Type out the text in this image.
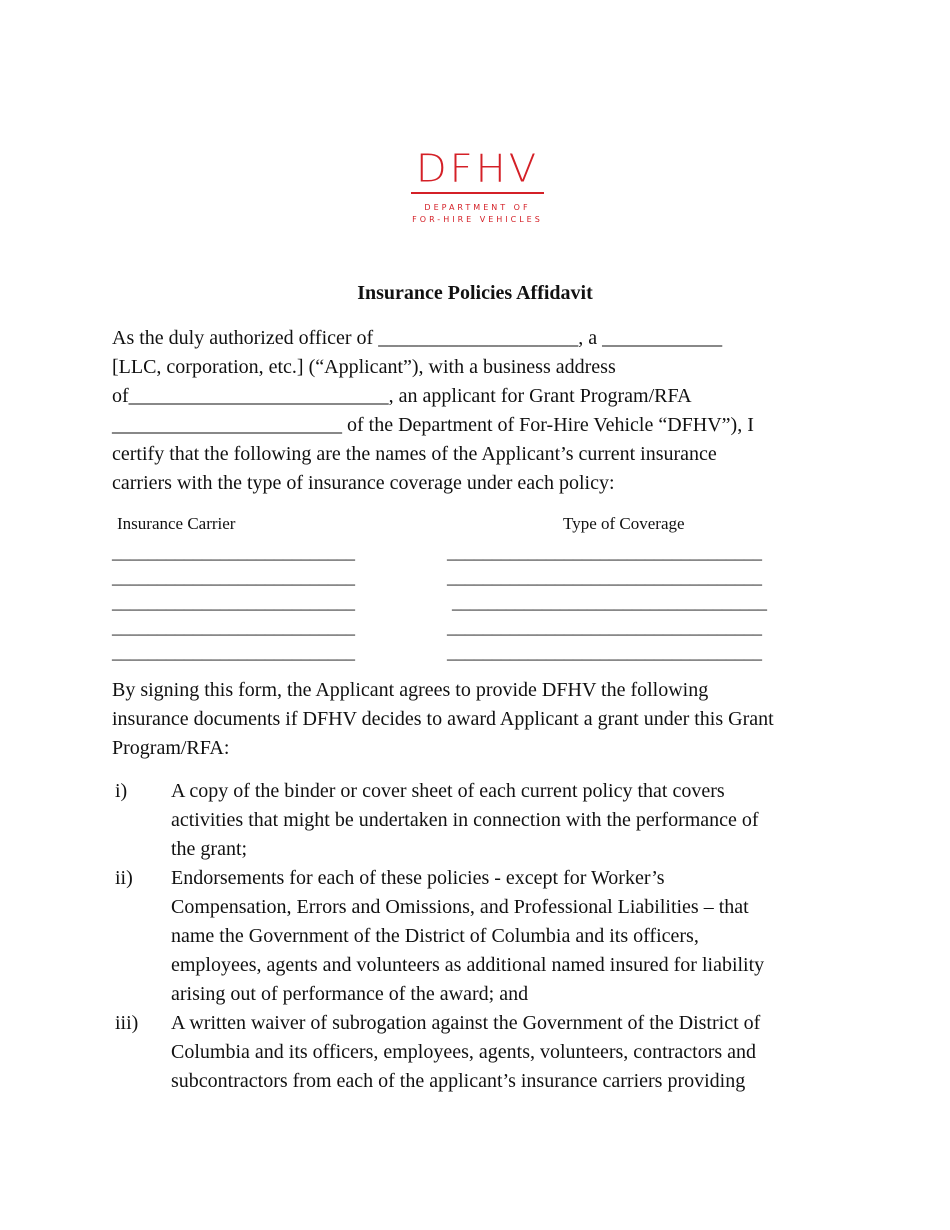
DFHV
DEPARTMENT OF
FOR-HIRE VEHICLES
Insurance Policies Affidavit

As the duly authorized officer of ____________________, a ____________

[LLC, corporation, etc.] (“Applicant”), with a business address

of__________________________, an applicant for Grant Program/RFA

_______________________ of the Department of For-Hire Vehicle “DFHV”), I

certify that the following are the names of the Applicant’s current insurance

carriers with the type of insurance coverage under each policy:

Insurance Carrier	Type of Coverage
___________________________
___________________________
___________________________
___________________________
___________________________
___________________________________
___________________________________
___________________________________
___________________________________
___________________________________

By signing this form, the Applicant agrees to provide DFHV the following

insurance documents if DFHV decides to award Applicant a grant under this Grant

Program/RFA:

i) A copy of the binder or cover sheet of each current policy that covers

activities that might be undertaken in connection with the performance of

the grant;

ii) Endorsements for each of these policies - except for Worker’s

Compensation, Errors and Omissions, and Professional Liabilities – that

name the Government of the District of Columbia and its officers,

employees, agents and volunteers as additional named insured for liability

arising out of performance of the award; and

iii) A written waiver of subrogation against the Government of the District of

Columbia and its officers, employees, agents, volunteers, contractors and

subcontractors from each of the applicant’s insurance carriers providing
